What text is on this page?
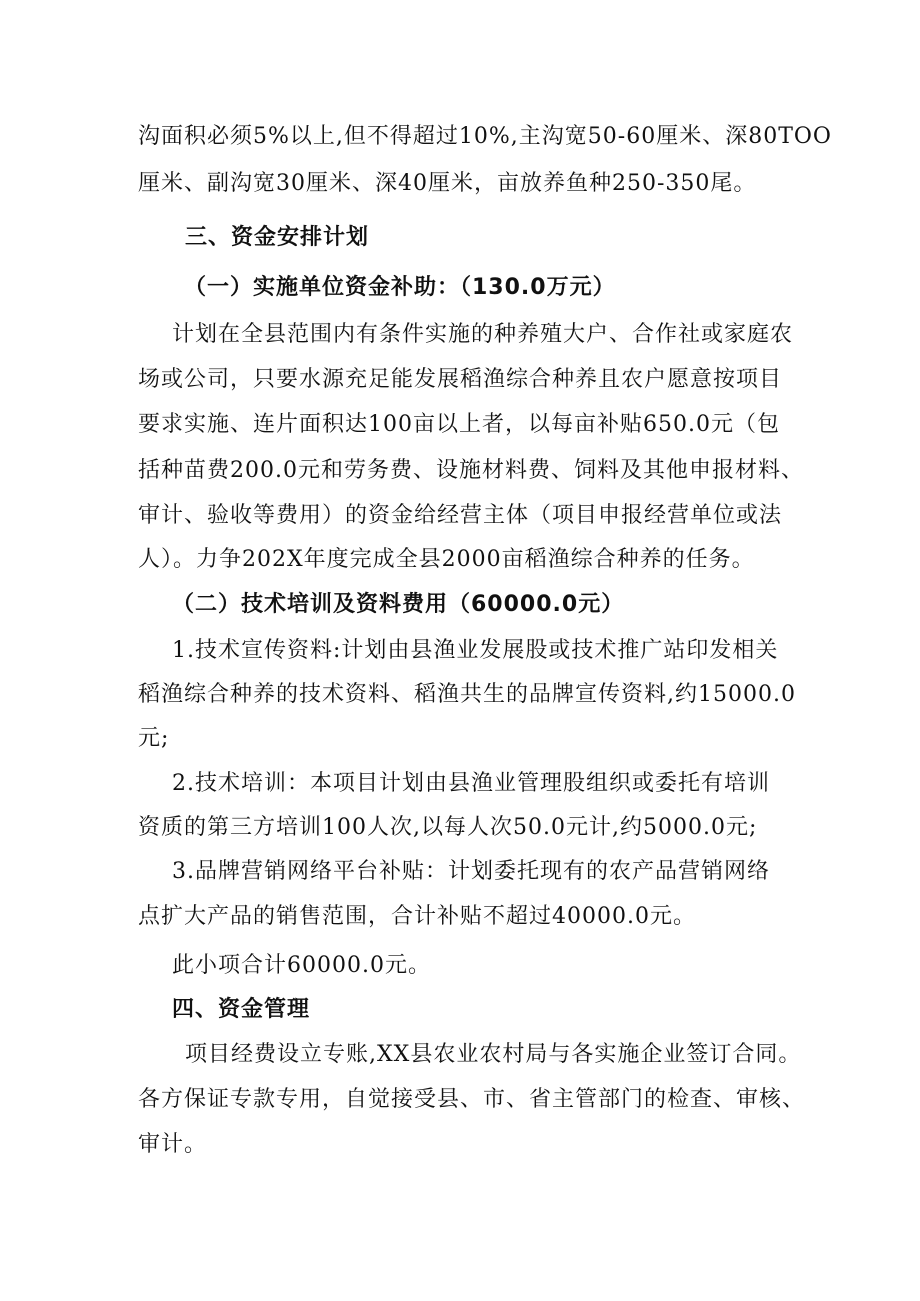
沟面积必须5%以上,但不得超过10%,主沟宽50-60厘米、深80TOO
厘米、副沟宽30厘米、深40厘米，亩放养鱼种250-350尾。
三、资金安排计划
（一）实施单位资金补助：（130.0万元）
计划在全县范围内有条件实施的种养殖大户、合作社或家庭农
场或公司，只要水源充足能发展稻渔综合种养且农户愿意按项目
要求实施、连片面积达100亩以上者，以每亩补贴650.0元（包
括种苗费200.0元和劳务费、设施材料费、饲料及其他申报材料、
审计、验收等费用）的资金给经营主体（项目申报经营单位或法
人）。力争202X年度完成全县2000亩稻渔综合种养的任务。
（二）技术培训及资料费用（60000.0元）
1.技术宣传资料:计划由县渔业发展股或技术推广站印发相关
稻渔综合种养的技术资料、稻渔共生的品牌宣传资料,约15000.0
元;
2.技术培训：本项目计划由县渔业管理股组织或委托有培训
资质的第三方培训100人次,以每人次50.0元计,约5000.0元;
3.品牌营销网络平台补贴：计划委托现有的农产品营销网络
点扩大产品的销售范围，合计补贴不超过40000.0元。
此小项合计60000.0元。
四、资金管理
项目经费设立专账,XX县农业农村局与各实施企业签订合同。
各方保证专款专用，自觉接受县、市、省主管部门的检查、审核、
审计。
